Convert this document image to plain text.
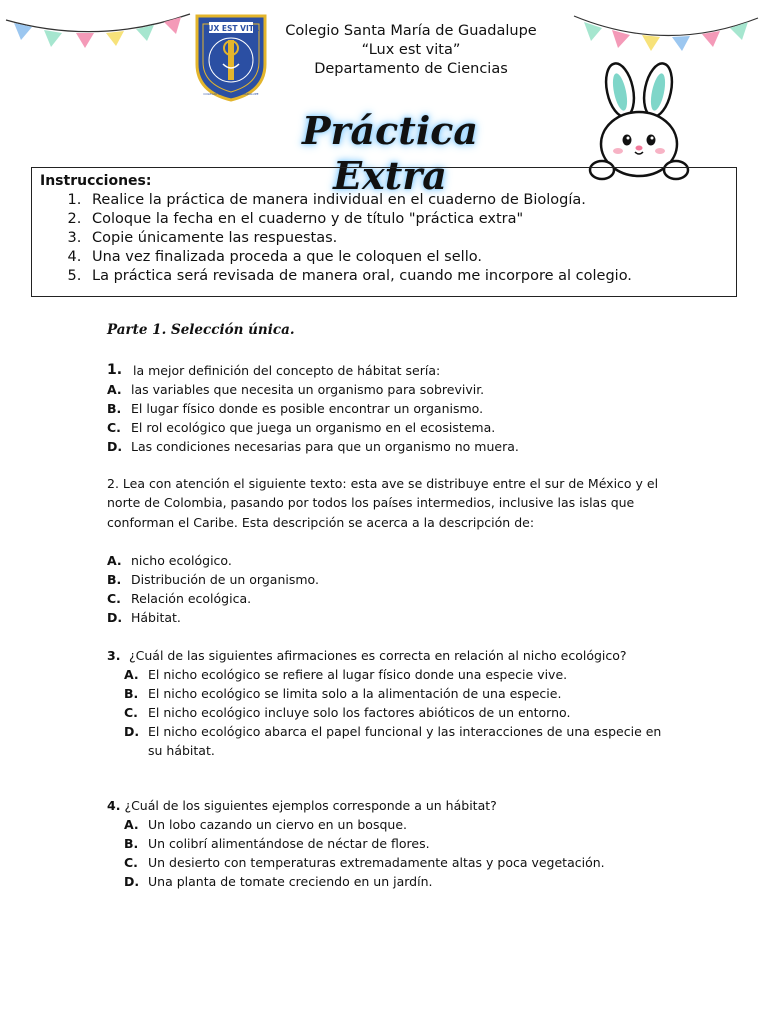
LUX EST VITA
COLEGIO STA MARIA DE GUADALUPE
Colegio Santa María de Guadalupe
“Lux est vita”
Departamento de Ciencias
Práctica Extra
Instrucciones:
1. Realice la práctica de manera individual en el cuaderno de Biología.
2. Coloque la fecha en el cuaderno y de título "práctica extra"
3. Copie únicamente las respuestas.
4. Una vez finalizada proceda a que le coloquen el sello.
5. La práctica será revisada de manera oral, cuando me incorpore al colegio.
Parte 1. Selección única.
1. la mejor definición del concepto de hábitat sería:
A. las variables que necesita un organismo para sobrevivir.
B. El lugar físico donde es posible encontrar un organismo.
C. El rol ecológico que juega un organismo en el ecosistema.
D. Las condiciones necesarias para que un organismo no muera.
2. Lea con atención el siguiente texto: esta ave se distribuye entre el sur de México y el norte de Colombia, pasando por todos los países intermedios, inclusive las islas que conforman el Caribe. Esta descripción se acerca a la descripción de:
A. nicho ecológico.
B. Distribución de un organismo.
C. Relación ecológica.
D. Hábitat.
3. ¿Cuál de las siguientes afirmaciones es correcta en relación al nicho ecológico?
A. El nicho ecológico se refiere al lugar físico donde una especie vive.
B. El nicho ecológico se limita solo a la alimentación de una especie.
C. El nicho ecológico incluye solo los factores abióticos de un entorno.
D. El nicho ecológico abarca el papel funcional y las interacciones de una especie en su hábitat.
4. ¿Cuál de los siguientes ejemplos corresponde a un hábitat?
A. Un lobo cazando un ciervo en un bosque.
B. Un colibrí alimentándose de néctar de flores.
C. Un desierto con temperaturas extremadamente altas y poca vegetación.
D. Una planta de tomate creciendo en un jardín.
